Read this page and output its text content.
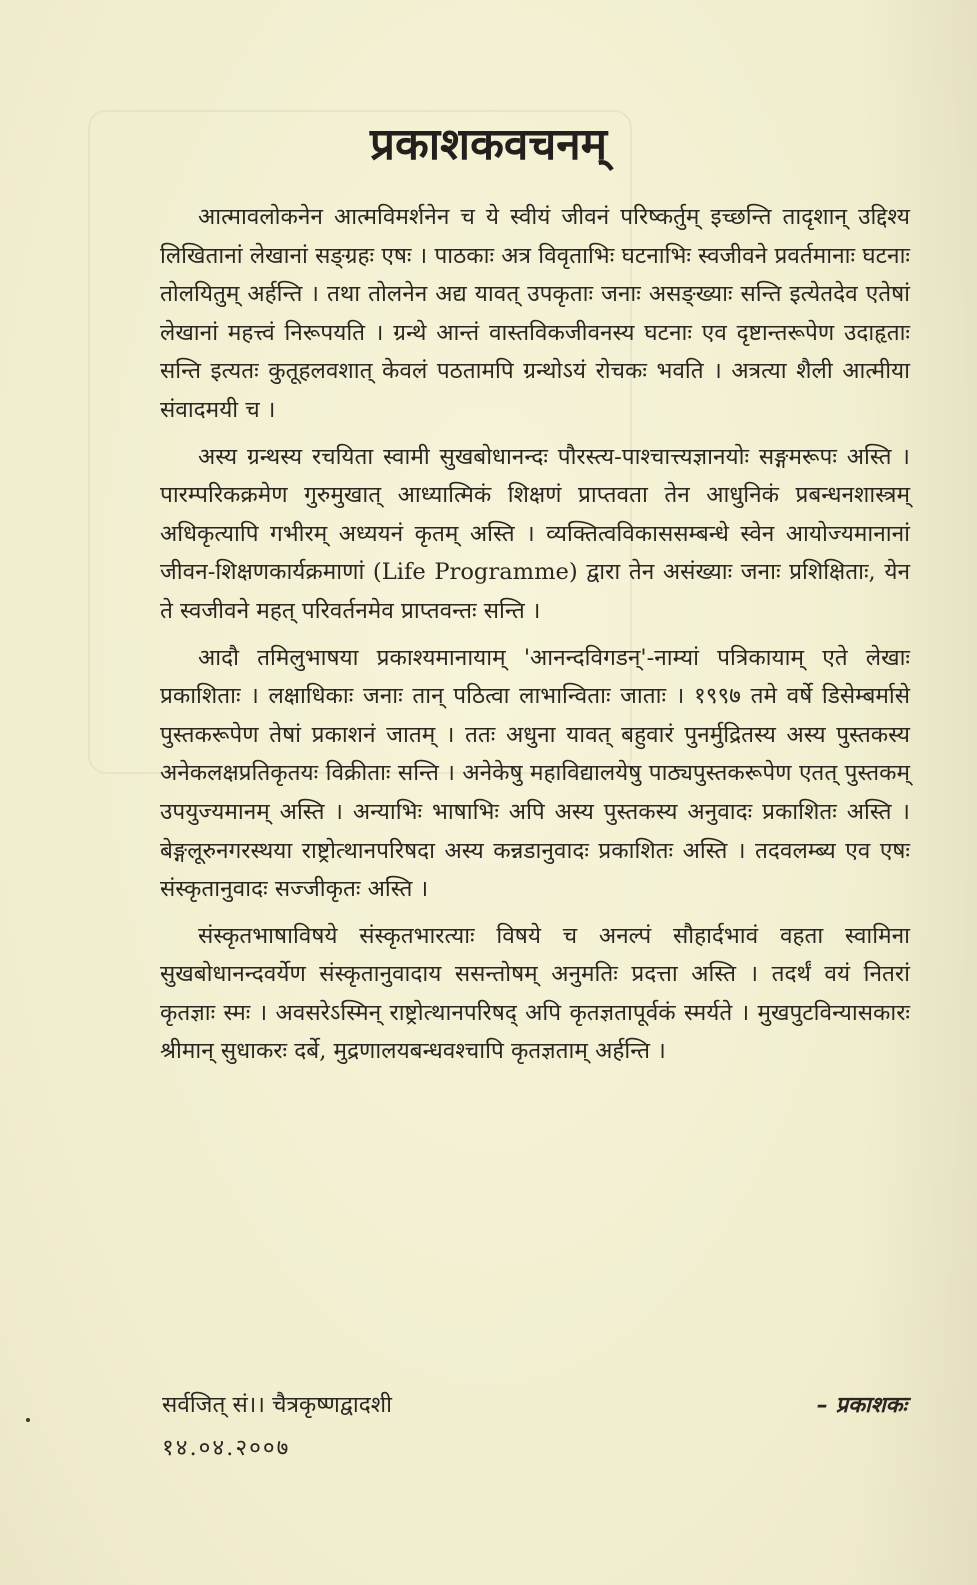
प्रकाशकवचनम्

आत्मावलोकनेन आत्मविमर्शनेन च ये स्वीयं जीवनं परिष्कर्तुम् इच्छन्ति तादृशान् उद्दिश्य लिखितानां लेखानां सङ्ग्रहः एषः । पाठकाः अत्र विवृताभिः घटनाभिः स्वजीवने प्रवर्तमानाः घटनाः तोलयितुम् अर्हन्ति । तथा तोलनेन अद्य यावत् उपकृताः जनाः असङ्ख्याः सन्ति इत्येतदेव एतेषां लेखानां महत्त्वं निरूपयति । ग्रन्थे आन्तं वास्तविकजीवनस्य घटनाः एव दृष्टान्तरूपेण उदाहृताः सन्ति इत्यतः कुतूहलवशात् केवलं पठतामपि ग्रन्थोऽयं रोचकः भवति । अत्रत्या शैली आत्मीया संवादमयी च ।

अस्य ग्रन्थस्य रचयिता स्वामी सुखबोधानन्दः पौरस्त्य-पाश्चात्त्यज्ञानयोः सङ्गमरूपः अस्ति । पारम्परिकक्रमेण गुरुमुखात् आध्यात्मिकं शिक्षणं प्राप्तवता तेन आधुनिकं प्रबन्धनशास्त्रम् अधिकृत्यापि गभीरम् अध्ययनं कृतम् अस्ति । व्यक्तित्वविकाससम्बन्धे स्वेन आयोज्यमानानां जीवन-शिक्षणकार्यक्रमाणां (Life Programme) द्वारा तेन असंख्याः जनाः प्रशिक्षिताः, येन ते स्वजीवने महत् परिवर्तनमेव प्राप्तवन्तः सन्ति ।

आदौ तमिलुभाषया प्रकाश्यमानायाम् 'आनन्दविगडन्'-नाम्यां पत्रिकायाम् एते लेखाः प्रकाशिताः । लक्षाधिकाः जनाः तान् पठित्वा लाभान्विताः जाताः । १९९७ तमे वर्षे डिसेम्बर्मासे पुस्तकरूपेण तेषां प्रकाशनं जातम् । ततः अधुना यावत् बहुवारं पुनर्मुद्रितस्य अस्य पुस्तकस्य अनेकलक्षप्रतिकृतयः विक्रीताः सन्ति । अनेकेषु महाविद्यालयेषु पाठ्यपुस्तकरूपेण एतत् पुस्तकम् उपयुज्यमानम् अस्ति । अन्याभिः भाषाभिः अपि अस्य पुस्तकस्य अनुवादः प्रकाशितः अस्ति । बेङ्गलूरुनगरस्थया राष्ट्रोत्थानपरिषदा अस्य कन्नडानुवादः प्रकाशितः अस्ति । तदवलम्ब्य एव एषः संस्कृतानुवादः सज्जीकृतः अस्ति ।

संस्कृतभाषाविषये संस्कृतभारत्याः विषये च अनल्पं सौहार्दभावं वहता स्वामिना सुखबोधानन्दवर्येण संस्कृतानुवादाय ससन्तोषम् अनुमतिः प्रदत्ता अस्ति । तदर्थं वयं नितरां कृतज्ञाः स्मः । अवसरेऽस्मिन् राष्ट्रोत्थानपरिषद् अपि कृतज्ञतापूर्वकं स्मर्यते । मुखपुटविन्यासकारः श्रीमान् सुधाकरः दर्बे, मुद्रणालयबन्धवश्चापि कृतज्ञताम् अर्हन्ति ।

सर्वजित् सं।। चैत्रकृष्णद्वादशी	– प्रकाशकः
१४.०४.२००७
